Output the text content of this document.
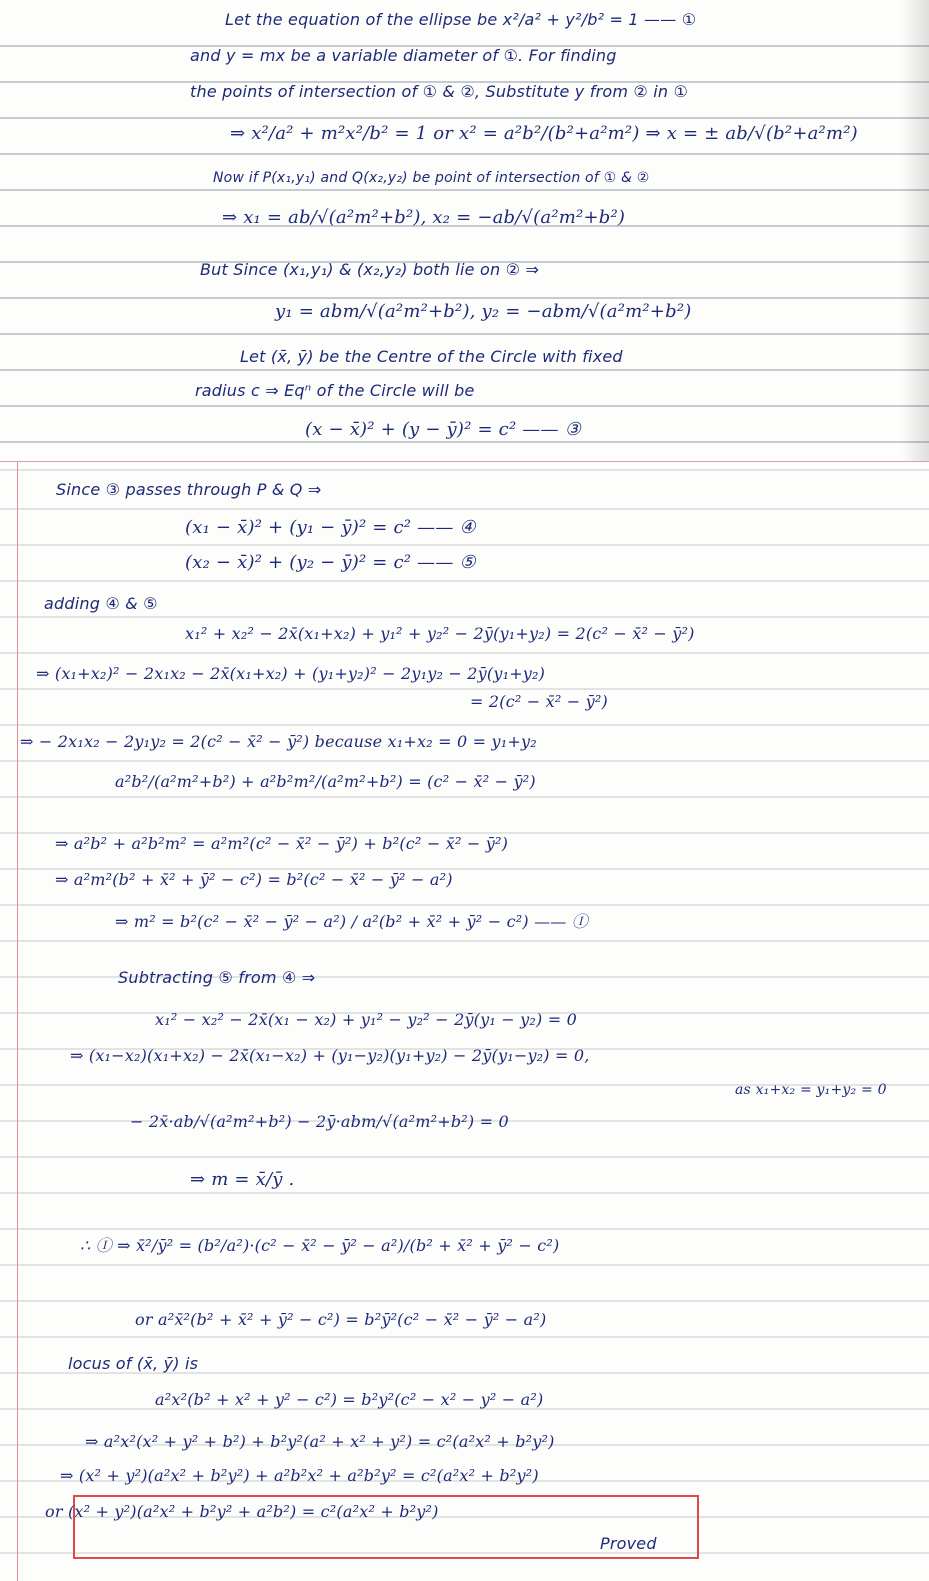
Let the equation of the ellipse be x²/a² + y²/b² = 1 —— ①
and y = mx be a variable diameter of ①. For finding
the points of intersection of ① & ②, Substitute y from ② in ①
⇒ x²/a² + m²x²/b² = 1 or x² = a²b²/(b²+a²m²) ⇒ x = ± ab/√(b²+a²m²)
Now if P(x₁,y₁) and Q(x₂,y₂) be point of intersection of ① & ②
⇒ x₁ = ab/√(a²m²+b²), x₂ = −ab/√(a²m²+b²)
But Since (x₁,y₁) & (x₂,y₂) both lie on ② ⇒
y₁ = abm/√(a²m²+b²), y₂ = −abm/√(a²m²+b²)
Let (x̄, ȳ) be the Centre of the Circle with fixed
radius c ⇒ Eqⁿ of the Circle will be
(x − x̄)² + (y − ȳ)² = c² —— ③
Since ③ passes through P & Q ⇒
(x₁ − x̄)² + (y₁ − ȳ)² = c² —— ④
(x₂ − x̄)² + (y₂ − ȳ)² = c² —— ⑤
adding ④ & ⑤
x₁² + x₂² − 2x̄(x₁+x₂) + y₁² + y₂² − 2ȳ(y₁+y₂) = 2(c² − x̄² − ȳ²)
⇒ (x₁+x₂)² − 2x₁x₂ − 2x̄(x₁+x₂) + (y₁+y₂)² − 2y₁y₂ − 2ȳ(y₁+y₂)
= 2(c² − x̄² − ȳ²)
⇒ − 2x₁x₂ − 2y₁y₂ = 2(c² − x̄² − ȳ²) because x₁+x₂ = 0 = y₁+y₂
a²b²/(a²m²+b²) + a²b²m²/(a²m²+b²) = (c² − x̄² − ȳ²)
⇒ a²b² + a²b²m² = a²m²(c² − x̄² − ȳ²) + b²(c² − x̄² − ȳ²)
⇒ a²m²(b² + x̄² + ȳ² − c²) = b²(c² − x̄² − ȳ² − a²)
⇒ m² = b²(c² − x̄² − ȳ² − a²) / a²(b² + x̄² + ȳ² − c²) —— Ⓘ
Subtracting ⑤ from ④ ⇒
x₁² − x₂² − 2x̄(x₁ − x₂) + y₁² − y₂² − 2ȳ(y₁ − y₂) = 0
⇒ (x₁−x₂)(x₁+x₂) − 2x̄(x₁−x₂) + (y₁−y₂)(y₁+y₂) − 2ȳ(y₁−y₂) = 0,
as x₁+x₂ = y₁+y₂ = 0
− 2x̄·ab/√(a²m²+b²) − 2ȳ·abm/√(a²m²+b²) = 0
⇒ m = x̄/ȳ .
∴ Ⓘ ⇒ x̄²/ȳ² = (b²/a²)·(c² − x̄² − ȳ² − a²)/(b² + x̄² + ȳ² − c²)
or a²x̄²(b² + x̄² + ȳ² − c²) = b²ȳ²(c² − x̄² − ȳ² − a²)
locus of (x̄, ȳ) is
a²x²(b² + x² + y² − c²) = b²y²(c² − x² − y² − a²)
⇒ a²x²(x² + y² + b²) + b²y²(a² + x² + y²) = c²(a²x² + b²y²)
⇒ (x² + y²)(a²x² + b²y²) + a²b²x² + a²b²y² = c²(a²x² + b²y²)
or (x² + y²)(a²x² + b²y² + a²b²) = c²(a²x² + b²y²)
Proved
